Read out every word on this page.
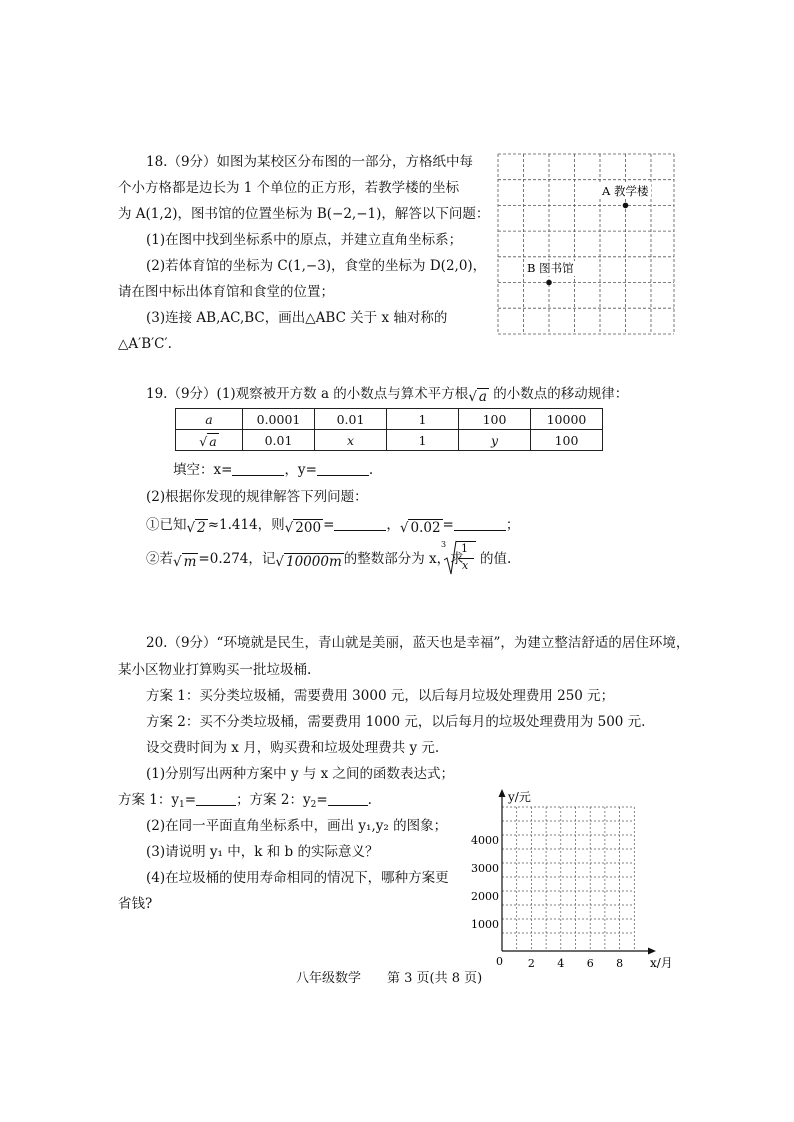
18.（9分）如图为某校区分布图的一部分，方格纸中每
个小方格都是边长为 1 个单位的正方形，若教学楼的坐标
为 A(1,2)，图书馆的位置坐标为 B(−2,−1)，解答以下问题：
(1)在图中找到坐标系中的原点，并建立直角坐标系；
(2)若体育馆的坐标为 C(1,−3)，食堂的坐标为 D(2,0)，
请在图中标出体育馆和食堂的位置；
(3)连接 AB,AC,BC，画出△ABC 关于 x 轴对称的
△A′B′C′.
A 教学楼
B 图书馆
19.（9分）(1)观察被开方数 a 的小数点与算术平方根√ a 的小数点的移动规律：
a	0.0001	0.01	1	100	10000
√ a	0.01	x	1	y	100
填空：x=	，y=	.
(2)根据你发现的规律解答下列问题：
①已知√ 2 ≈1.414，则√ 200 =	，√ 0.02 =	；
②若√ m =0.274，记√ 10000m 的整数部分为 x，求
3 1
x 的值.
20.（9分）“环境就是民生，青山就是美丽，蓝天也是幸福”，为建立整洁舒适的居住环境，
某小区物业打算购买一批垃圾桶.
方案 1：买分类垃圾桶，需要费用 3000 元，以后每月垃圾处理费用 250 元；
方案 2：买不分类垃圾桶，需要费用 1000 元，以后每月的垃圾处理费用为 500 元.
设交费时间为 x 月，购买费和垃圾处理费共 y 元.
(1)分别写出两种方案中 y 与 x 之间的函数表达式；
方案 1：$y_1=$	；方案 2：$y_2=$	.
(2)在同一平面直角坐标系中，画出 y₁,y₂ 的图象；
(3)请说明 y₁ 中，k 和 b 的实际意义？
(4)在垃圾桶的使用寿命相同的情况下，哪种方案更
省钱?
y/元
x/月
0
1000
2000
3000
4000
2 4 6 8
八年级数学　　第 3 页(共 8 页)
